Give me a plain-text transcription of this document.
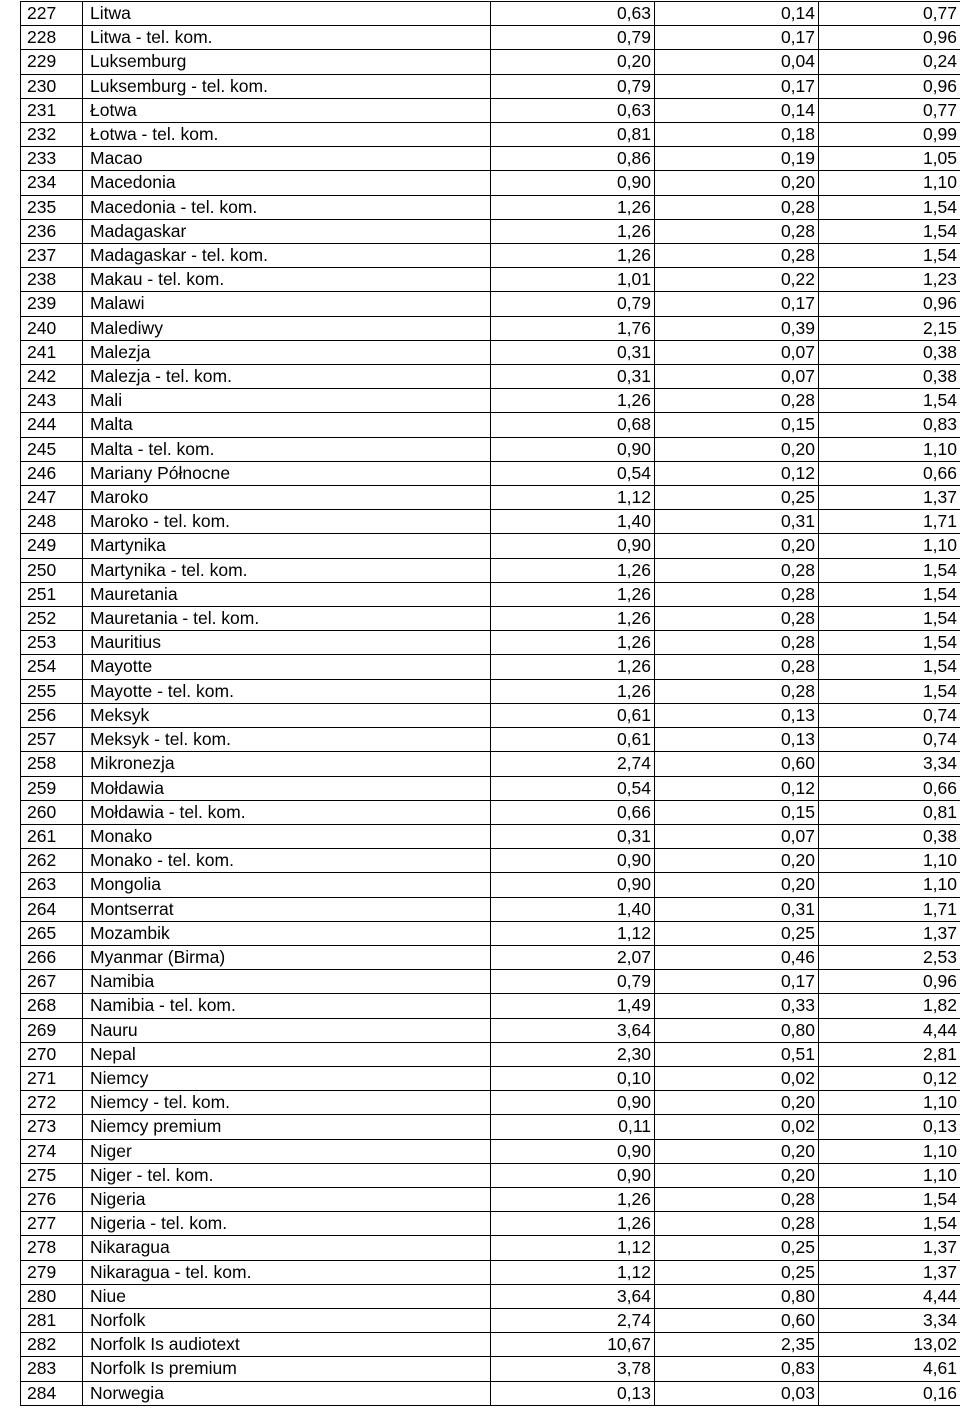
227	Litwa	0,63	0,14	0,77
228	Litwa - tel. kom.	0,79	0,17	0,96
229	Luksemburg	0,20	0,04	0,24
230	Luksemburg - tel. kom.	0,79	0,17	0,96
231	Łotwa	0,63	0,14	0,77
232	Łotwa - tel. kom.	0,81	0,18	0,99
233	Macao	0,86	0,19	1,05
234	Macedonia	0,90	0,20	1,10
235	Macedonia - tel. kom.	1,26	0,28	1,54
236	Madagaskar	1,26	0,28	1,54
237	Madagaskar - tel. kom.	1,26	0,28	1,54
238	Makau - tel. kom.	1,01	0,22	1,23
239	Malawi	0,79	0,17	0,96
240	Malediwy	1,76	0,39	2,15
241	Malezja	0,31	0,07	0,38
242	Malezja - tel. kom.	0,31	0,07	0,38
243	Mali	1,26	0,28	1,54
244	Malta	0,68	0,15	0,83
245	Malta - tel. kom.	0,90	0,20	1,10
246	Mariany Północne	0,54	0,12	0,66
247	Maroko	1,12	0,25	1,37
248	Maroko - tel. kom.	1,40	0,31	1,71
249	Martynika	0,90	0,20	1,10
250	Martynika - tel. kom.	1,26	0,28	1,54
251	Mauretania	1,26	0,28	1,54
252	Mauretania - tel. kom.	1,26	0,28	1,54
253	Mauritius	1,26	0,28	1,54
254	Mayotte	1,26	0,28	1,54
255	Mayotte - tel. kom.	1,26	0,28	1,54
256	Meksyk	0,61	0,13	0,74
257	Meksyk - tel. kom.	0,61	0,13	0,74
258	Mikronezja	2,74	0,60	3,34
259	Mołdawia	0,54	0,12	0,66
260	Mołdawia - tel. kom.	0,66	0,15	0,81
261	Monako	0,31	0,07	0,38
262	Monako - tel. kom.	0,90	0,20	1,10
263	Mongolia	0,90	0,20	1,10
264	Montserrat	1,40	0,31	1,71
265	Mozambik	1,12	0,25	1,37
266	Myanmar (Birma)	2,07	0,46	2,53
267	Namibia	0,79	0,17	0,96
268	Namibia - tel. kom.	1,49	0,33	1,82
269	Nauru	3,64	0,80	4,44
270	Nepal	2,30	0,51	2,81
271	Niemcy	0,10	0,02	0,12
272	Niemcy - tel. kom.	0,90	0,20	1,10
273	Niemcy premium	0,11	0,02	0,13
274	Niger	0,90	0,20	1,10
275	Niger - tel. kom.	0,90	0,20	1,10
276	Nigeria	1,26	0,28	1,54
277	Nigeria - tel. kom.	1,26	0,28	1,54
278	Nikaragua	1,12	0,25	1,37
279	Nikaragua - tel. kom.	1,12	0,25	1,37
280	Niue	3,64	0,80	4,44
281	Norfolk	2,74	0,60	3,34
282	Norfolk Is audiotext	10,67	2,35	13,02
283	Norfolk Is premium	3,78	0,83	4,61
284	Norwegia	0,13	0,03	0,16
